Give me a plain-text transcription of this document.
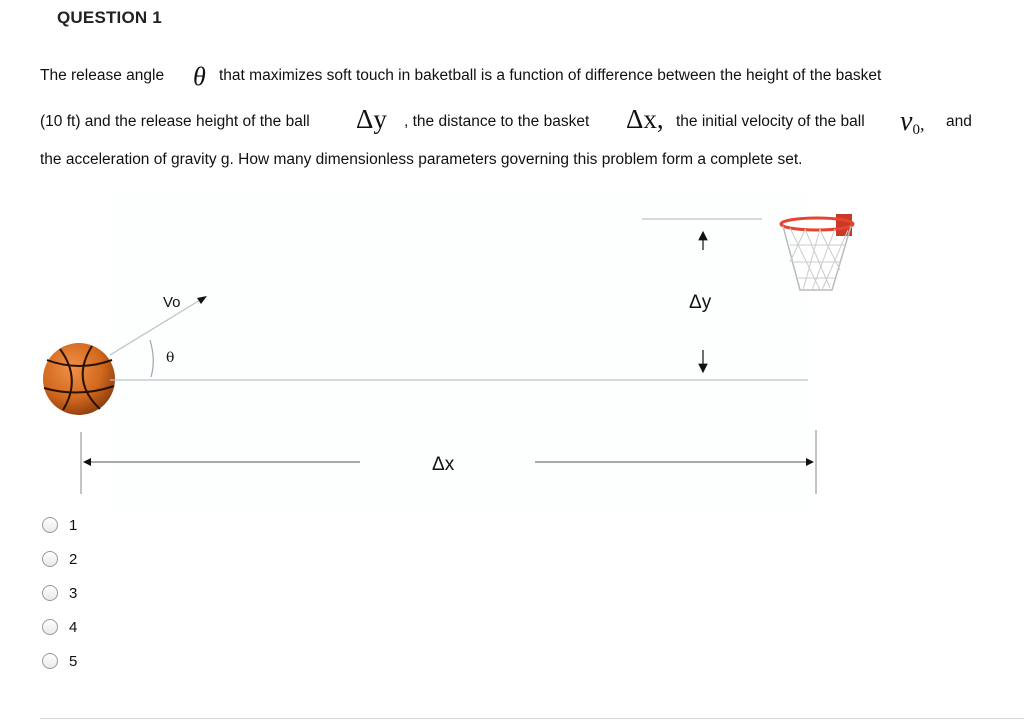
QUESTION 1
The release angle θ that maximizes soft touch in baketball is a function of difference between the height of the basket
(10 ft) and the release height of the ball Δy , the distance to the basket Δx, the initial velocity of the ball v0, and
the acceleration of gravity g. How many dimensionless parameters governing this problem form a complete set.
Vo
θ
Δy
Δx
1
2
3
4
5
